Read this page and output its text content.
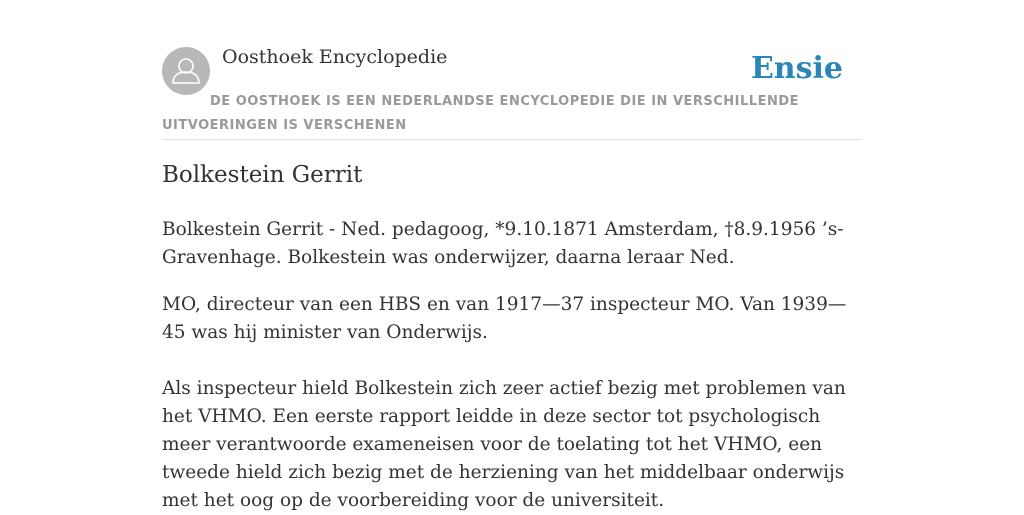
Oosthoek Encyclopedie	Ensie
DE OOSTHOEK IS EEN NEDERLANDSE ENCYCLOPEDIE DIE IN VERSCHILLENDE UITVOERINGEN IS VERSCHENEN
Bolkestein Gerrit
Bolkestein Gerrit - Ned. pedagoog, *9.10.1871 Amsterdam, †8.9.1956 ’s-Gravenhage. Bolkestein was onderwijzer, daarna leraar Ned.
MO, directeur van een HBS en van 1917—37 inspecteur MO. Van 1939—45 was hij minister van Onderwijs.
Als inspecteur hield Bolkestein zich zeer actief bezig met problemen van het VHMO. Een eerste rapport leidde in deze sector tot psychologisch meer verantwoorde exameneisen voor de toelating tot het VHMO, een tweede hield zich bezig met de herziening van het middelbaar onderwijs met het oog op de voorbereiding voor de universiteit.
